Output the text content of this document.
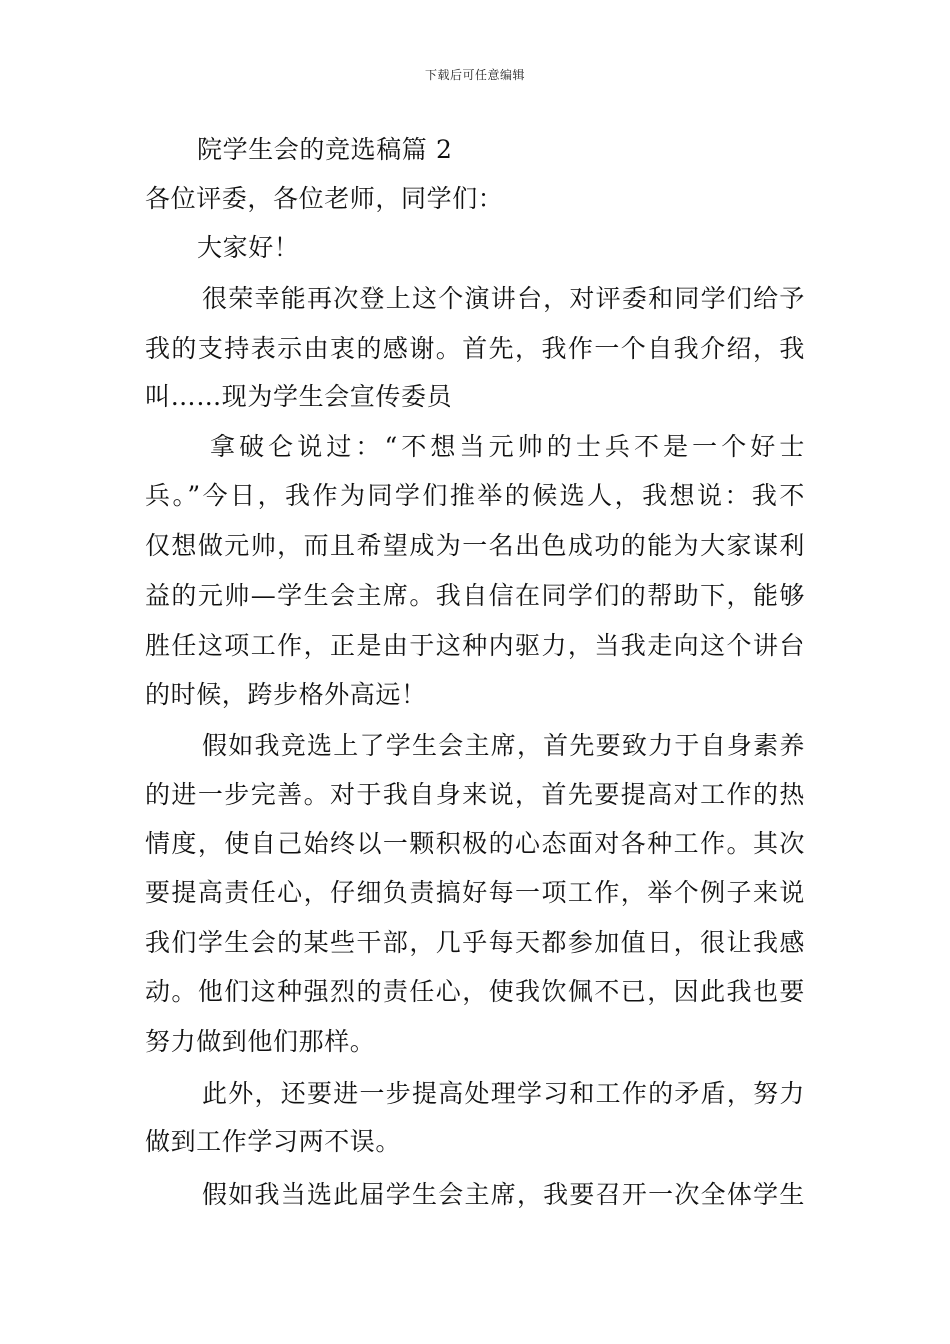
下载后可任意编辑
院学生会的竞选稿篇 2
各位评委，各位老师，同学们：
大家好！
很荣幸能再次登上这个演讲台，对评委和同学们给予
我的支持表示由衷的感谢。首先，我作一个自我介绍，我
叫……现为学生会宣传委员
拿破仑说过：“不想当元帅的士兵不是一个好士
兵。”今日，我作为同学们推举的候选人，我想说：我不
仅想做元帅，而且希望成为一名出色成功的能为大家谋利
益的元帅—学生会主席。我自信在同学们的帮助下，能够
胜任这项工作，正是由于这种内驱力，当我走向这个讲台
的时候，跨步格外高远！
假如我竞选上了学生会主席，首先要致力于自身素养
的进一步完善。对于我自身来说，首先要提高对工作的热
情度，使自己始终以一颗积极的心态面对各种工作。其次
要提高责任心，仔细负责搞好每一项工作，举个例子来说
我们学生会的某些干部，几乎每天都参加值日，很让我感
动。他们这种强烈的责任心，使我饮佩不已，因此我也要
努力做到他们那样。
此外，还要进一步提高处理学习和工作的矛盾，努力
做到工作学习两不误。
假如我当选此届学生会主席，我要召开一次全体学生
